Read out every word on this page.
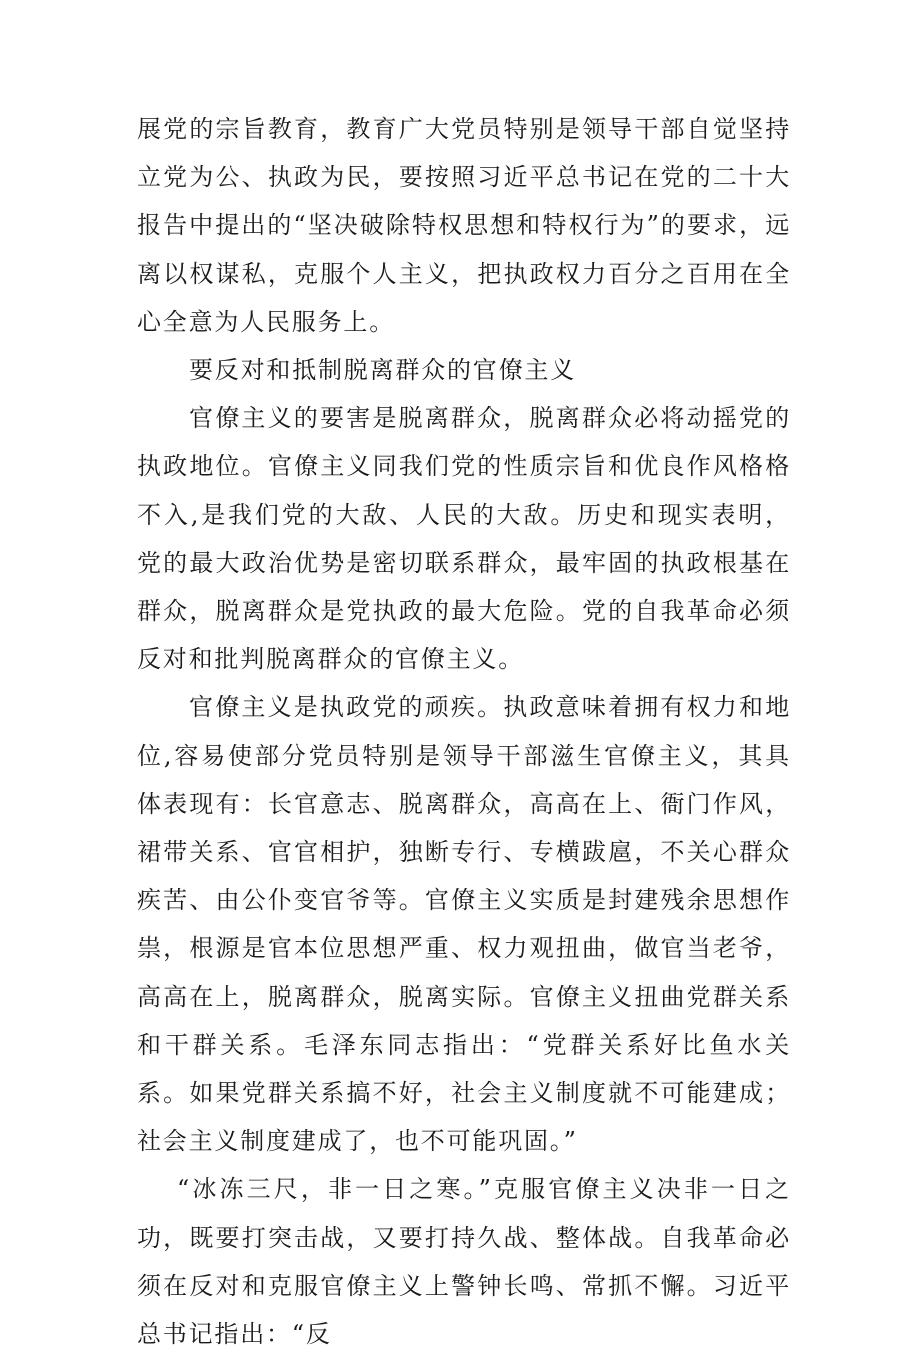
展党的宗旨教育，教育广大党员特别是领导干部自觉坚持立党为公、执政为民，要按照习近平总书记在党的二十大报告中提出的“坚决破除特权思想和特权行为”的要求，远离以权谋私，克服个人主义，把执政权力百分之百用在全心全意为人民服务上。

要反对和抵制脱离群众的官僚主义

官僚主义的要害是脱离群众，脱离群众必将动摇党的执政地位。官僚主义同我们党的性质宗旨和优良作风格格不入,是我们党的大敌、人民的大敌。历史和现实表明，党的最大政治优势是密切联系群众，最牢固的执政根基在群众，脱离群众是党执政的最大危险。党的自我革命必须反对和批判脱离群众的官僚主义。

官僚主义是执政党的顽疾。执政意味着拥有权力和地位,容易使部分党员特别是领导干部滋生官僚主义，其具体表现有：长官意志、脱离群众，高高在上、衙门作风，裙带关系、官官相护，独断专行、专横跋扈，不关心群众疾苦、由公仆变官爷等。官僚主义实质是封建残余思想作祟，根源是官本位思想严重、权力观扭曲，做官当老爷，高高在上，脱离群众，脱离实际。官僚主义扭曲党群关系和干群关系。毛泽东同志指出：“党群关系好比鱼水关系。如果党群关系搞不好，社会主义制度就不可能建成；社会主义制度建成了，也不可能巩固。”

“冰冻三尺，非一日之寒。”克服官僚主义决非一日之功，既要打突击战，又要打持久战、整体战。自我革命必须在反对和克服官僚主义上警钟长鸣、常抓不懈。习近平总书记指出：“反
